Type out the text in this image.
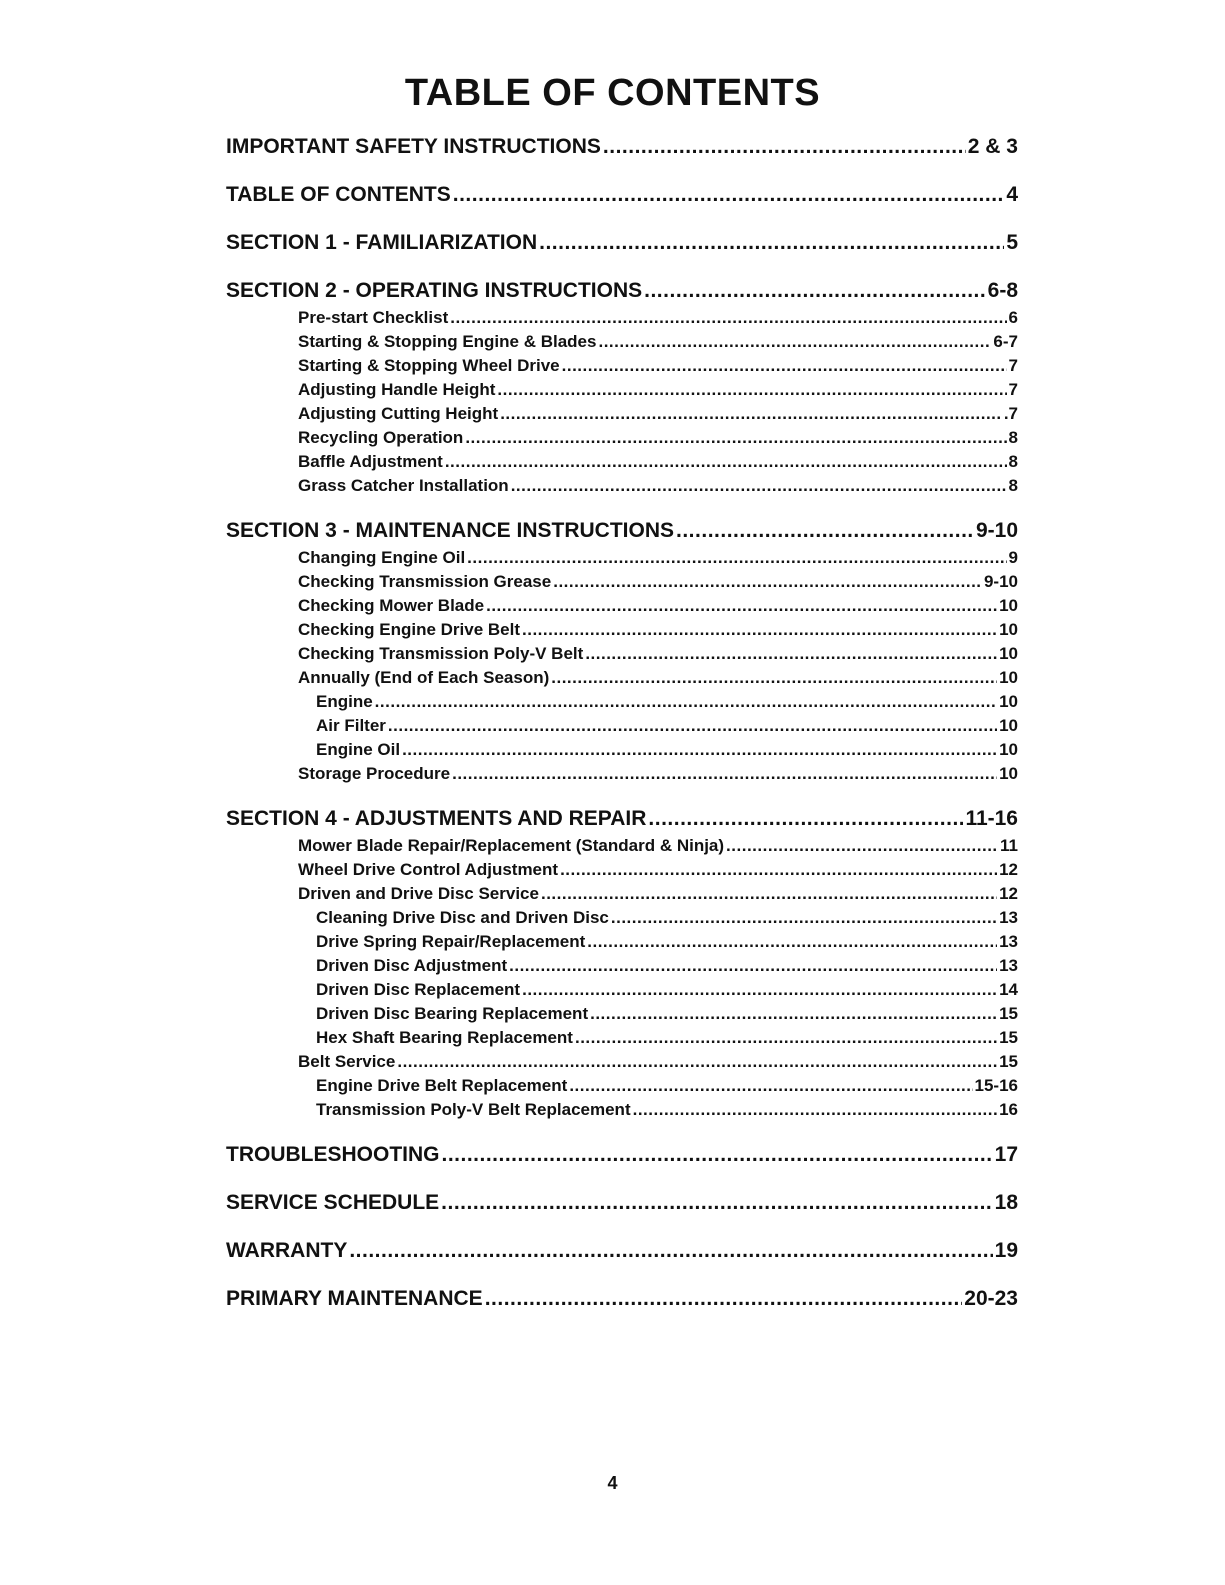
TABLE OF CONTENTS
IMPORTANT SAFETY INSTRUCTIONS .....	2 & 3
TABLE OF CONTENTS .....	4
SECTION 1 - FAMILIARIZATION .....	5
SECTION 2 - OPERATING INSTRUCTIONS .....	6-8
Pre-start Checklist .....	6
Starting & Stopping Engine & Blades .....	6-7
Starting & Stopping Wheel Drive .....	7
Adjusting Handle Height .....	7
Adjusting Cutting Height .....	.7
Recycling Operation .....	8
Baffle Adjustment .....	8
Grass Catcher Installation .....	8
SECTION 3 - MAINTENANCE INSTRUCTIONS .....	9-10
Changing Engine Oil .....	9
Checking Transmission Grease .....	9-10
Checking Mower Blade .....	10
Checking Engine Drive Belt .....	10
Checking Transmission Poly-V Belt .....	10
Annually (End of Each Season) .....	10
Engine .....	10
Air Filter .....	10
Engine Oil .....	10
Storage Procedure .....	10
SECTION 4 - ADJUSTMENTS AND REPAIR .....	11-16
Mower Blade Repair/Replacement (Standard & Ninja) .....	11
Wheel Drive Control Adjustment .....	12
Driven and Drive Disc Service .....	12
Cleaning Drive Disc and Driven Disc .....	13
Drive Spring Repair/Replacement .....	13
Driven Disc Adjustment .....	13
Driven Disc Replacement .....	14
Driven Disc Bearing Replacement .....	15
Hex Shaft Bearing Replacement .....	15
Belt Service .....	15
Engine Drive Belt Replacement .....	15-16
Transmission Poly-V Belt Replacement .....	16
TROUBLESHOOTING .....	17
SERVICE SCHEDULE .....	18
WARRANTY .....	19
PRIMARY MAINTENANCE .....	20-23
4
